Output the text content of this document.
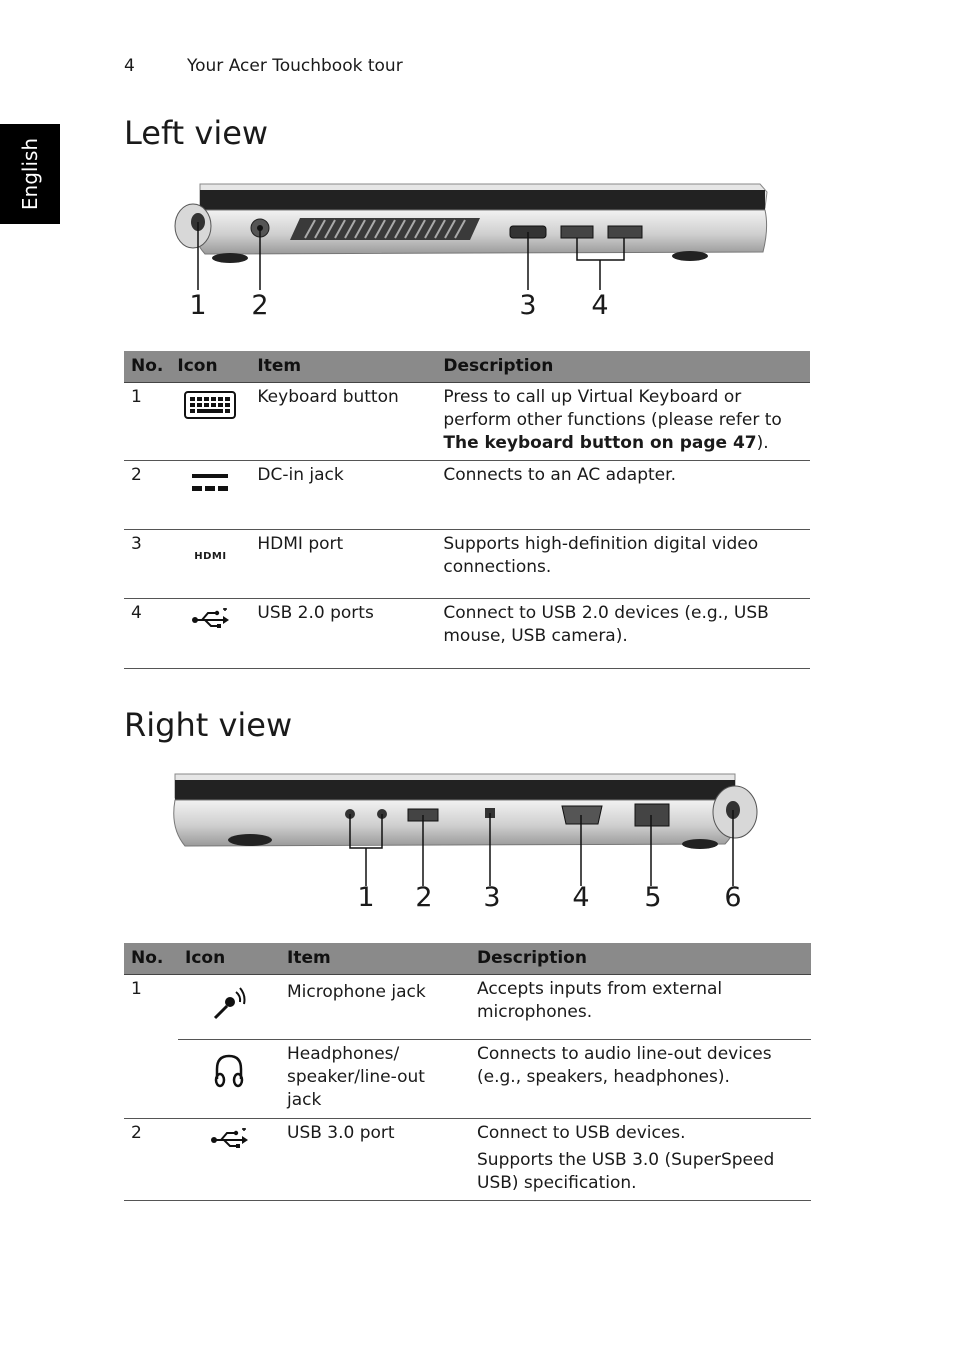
English
4	Your Acer Touchbook tour
Left view
1 2	3 4
No.	Icon	Item	Description
1		Keyboard button	Press to call up Virtual Keyboard or perform other functions (please refer to The keyboard button on page 47).
2		DC-in jack	Connects to an AC adapter.
3	HDMI	HDMI port	Supports high-definition digital video connections.
4		USB 2.0 ports	Connect to USB 2.0 devices (e.g., USB mouse, USB camera).
Right view
1 2 3	4 5 6
No.	Icon	Item	Description
1		Microphone jack	Accepts inputs from external microphones.
		Headphones/ speaker/line-out jack	Connects to audio line-out devices (e.g., speakers, headphones).
2		USB 3.0 port	Connect to USB devices.
Supports the USB 3.0 (SuperSpeed USB) specification.
